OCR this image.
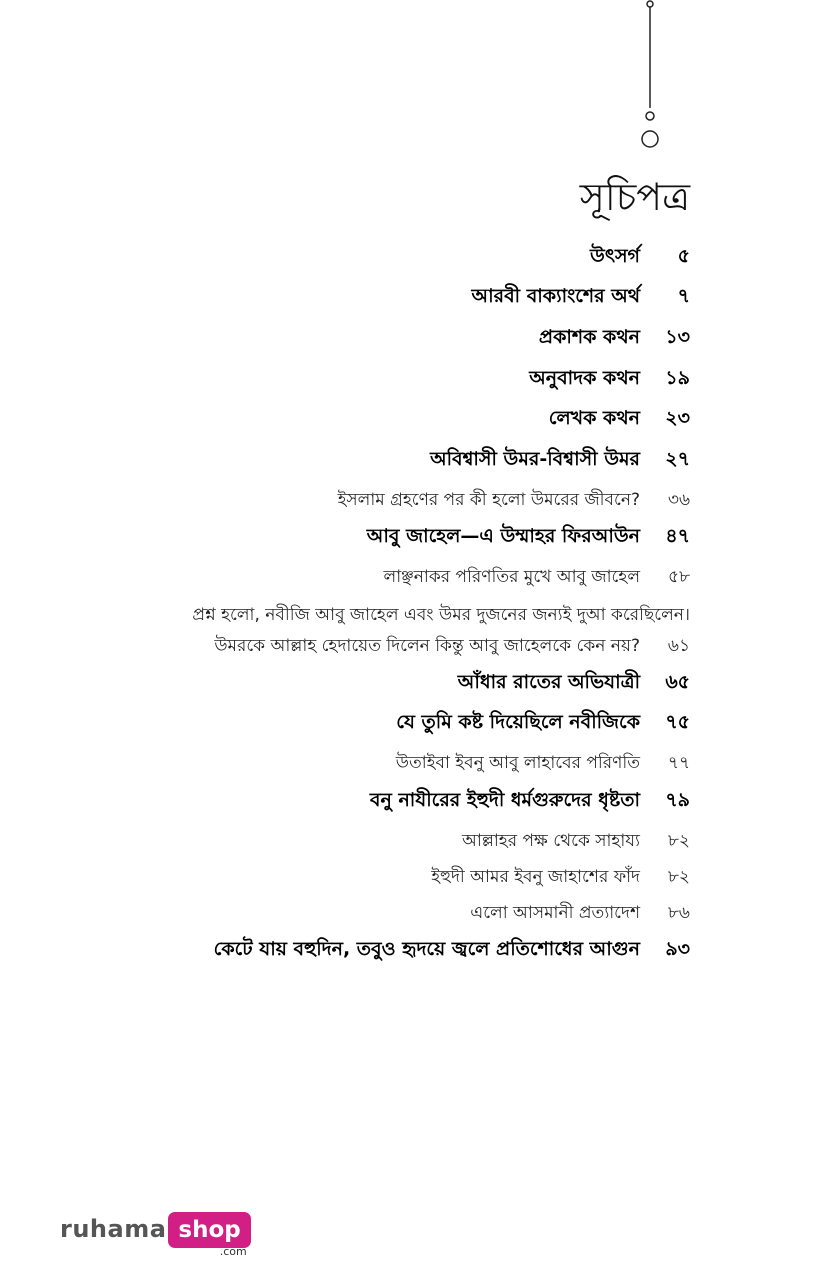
সূচিপত্র
উৎসর্গ	৫
আরবী বাক্যাংশের অর্থ	৭
প্রকাশক কথন	১৩
অনুবাদক কথন	১৯
লেখক কথন	২৩
অবিশ্বাসী উমর-বিশ্বাসী উমর	২৭
ইসলাম গ্রহণের পর কী হলো উমরের জীবনে?	৩৬
আবু জাহেল—এ উম্মাহর ফিরআউন	৪৭
লাঞ্ছনাকর পরিণতির মুখে আবু জাহেল	৫৮
প্রশ্ন হলো, নবীজি আবু জাহেল এবং উমর দুজনের জন্যই দুআ করেছিলেন।
উমরকে আল্লাহ হেদায়েত দিলেন কিন্তু আবু জাহেলকে কেন নয়?	৬১
আঁধার রাতের অভিযাত্রী	৬৫
যে তুমি কষ্ট দিয়েছিলে নবীজিকে	৭৫
উতাইবা ইবনু আবু লাহাবের পরিণতি	৭৭
বনু নাযীরের ইহুদী ধর্মগুরুদের ধৃষ্টতা	৭৯
আল্লাহর পক্ষ থেকে সাহায্য	৮২
ইহুদী আমর ইবনু জাহাশের ফাঁদ	৮২
এলো আসমানী প্রত্যাদেশ	৮৬
কেটে যায় বহুদিন, তবুও হৃদয়ে জ্বলে প্রতিশোধের আগুন	৯৩
ruhama shop
.com
